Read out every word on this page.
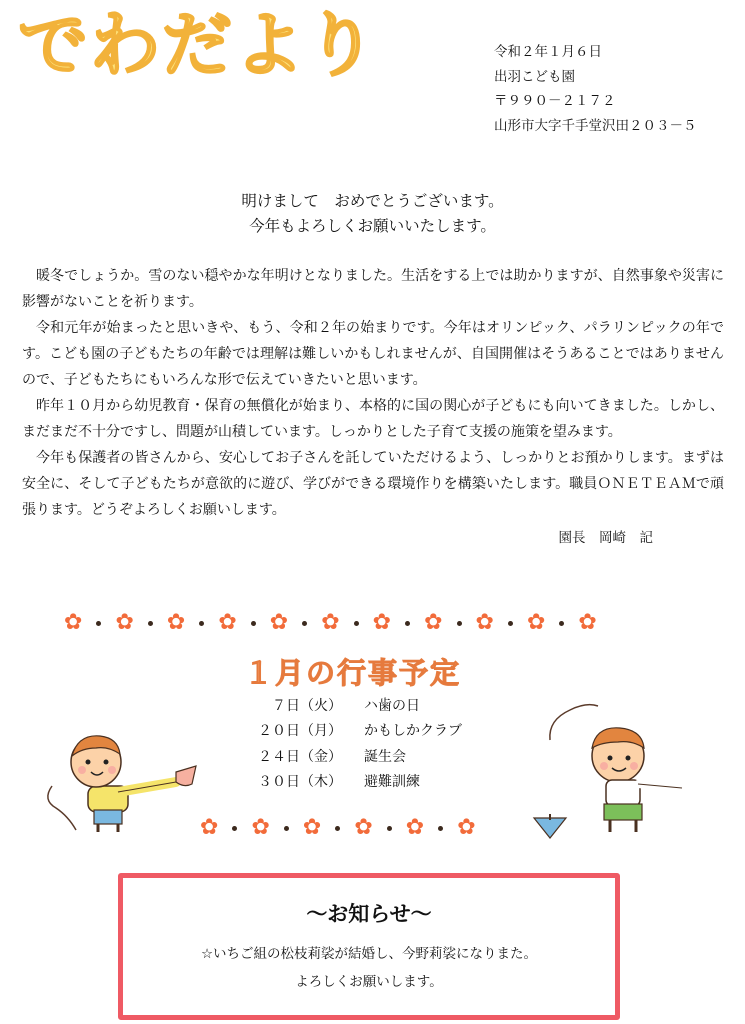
でわだより	令和２年１月６日
出羽こども園
〒９９０－２１７２
山形市大字千手堂沢田２０３－５
明けまして　おめでとうございます。
今年もよろしくお願いいたします。

暖冬でしょうか。雪のない穏やかな年明けとなりました。生活をする上では助かりますが、自然事象や災害に影響がないことを祈ります。

令和元年が始まったと思いきや、もう、令和２年の始まりです。今年はオリンピック、パラリンピックの年です。こども園の子どもたちの年齢では理解は難しいかもしれませんが、自国開催はそうあることではありませんので、子どもたちにもいろんな形で伝えていきたいと思います。

昨年１０月から幼児教育・保育の無償化が始まり、本格的に国の関心が子どもにも向いてきました。しかし、まだまだ不十分ですし、問題が山積しています。しっかりとした子育て支援の施策を望みます。

今年も保護者の皆さんから、安心してお子さんを託していただけるよう、しっかりとお預かりします。まずは安全に、そして子どもたちが意欲的に遊び、学びができる環境作りを構築いたします。職員ＯＮＥＴＥＡＭで頑張ります。どうぞよろしくお願いします。

園長　岡崎　記
✿ ✿ ✿ ✿ ✿ ✿ ✿ ✿ ✿ ✿ ✿
１月の行事予定
７日（火）	ハ歯の日
２０日（月）	かもしかクラブ
２４日（金）	誕生会
３０日（木）	避難訓練
✿ ✿ ✿ ✿ ✿ ✿
～お知らせ～
☆いちご組の松枝莉裟が結婚し、今野莉裟になりまた。
よろしくお願いします。
